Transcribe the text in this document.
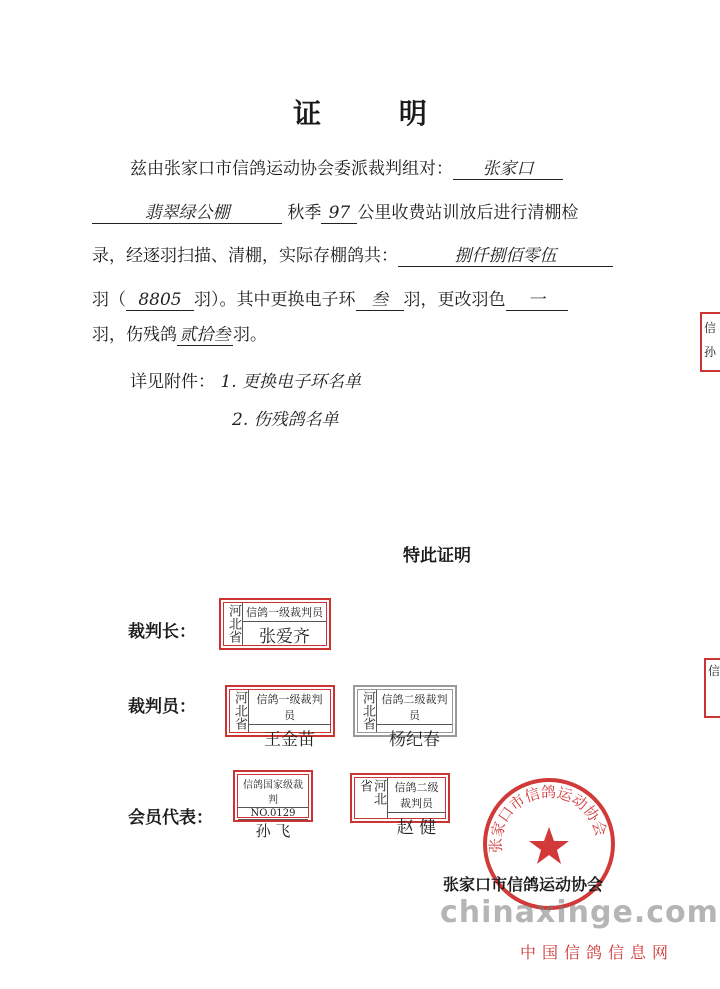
证 明
兹由张家口市信鸽运动协会委派裁判组对： 张家口
翡翠绿公棚	秋季 97 公里收费站训放后进行清棚检
录，经逐羽扫描、清棚，实际存棚鸽共：	捌仟捌佰零伍
羽（ 8805 羽）。其中更换电子环 叁 羽，更改羽色 一
羽，伤残鸽 贰拾叁 羽。
详见附件： 1. 更换电子环名单
2. 伤残鸽名单
特此证明
裁判长： 河北省 信鸽一级裁判员
张爱齐
裁判员：	河北省 信鸽一级裁判员
王金苗
河北省 信鸽二级裁判员
杨纪春
会员代表：
信鸽国家级裁判
NO.0129
孙 飞
河北省	信鸽二级裁判员
赵 健
张家口市信鸽运动协会
张家口市信鸽运动协会
chinaxinge.com
中国信鸽信息网
信孙
信
